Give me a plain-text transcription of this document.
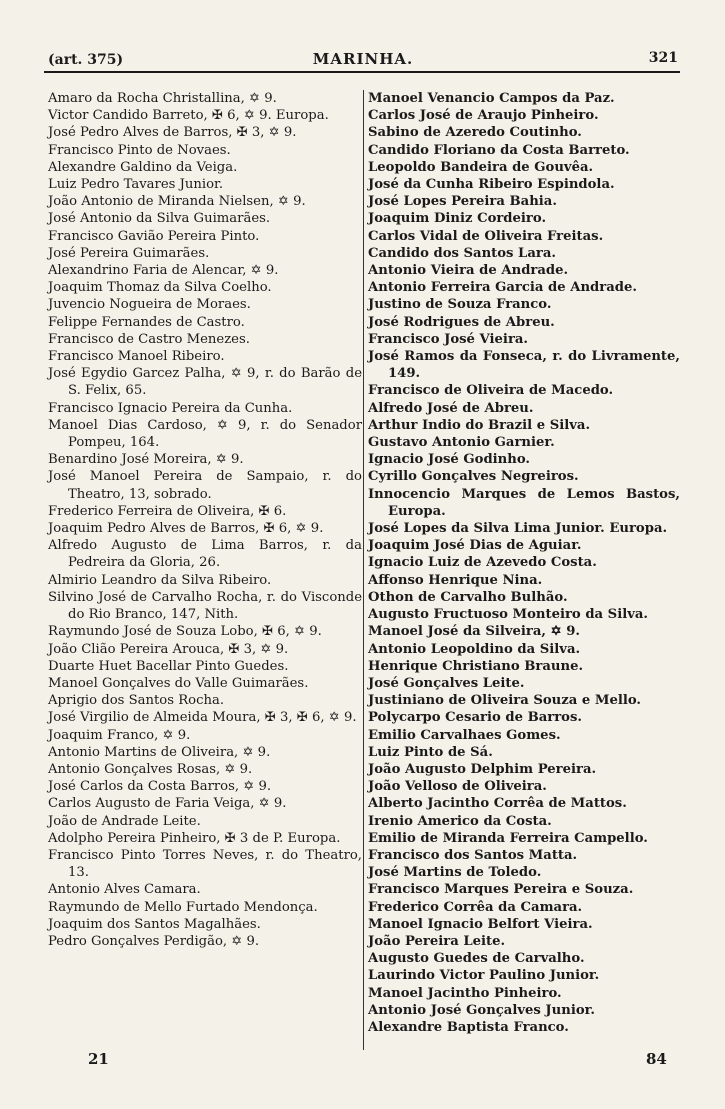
(art. 375)	MARINHA.	321
Amaro da Rocha Christallina, ✡ 9.
Victor Candido Barreto, ✠ 6, ✡ 9. Europa.
José Pedro Alves de Barros, ✠ 3, ✡ 9.
Francisco Pinto de Novaes.
Alexandre Galdino da Veiga.
Luiz Pedro Tavares Junior.
João Antonio de Miranda Nielsen, ✡ 9.
José Antonio da Silva Guimarães.
Francisco Gavião Pereira Pinto.
José Pereira Guimarães.
Alexandrino Faria de Alencar, ✡ 9.
Joaquim Thomaz da Silva Coelho.
Juvencio Nogueira de Moraes.
Felippe Fernandes de Castro.
Francisco de Castro Menezes.
Francisco Manoel Ribeiro.
José Egydio Garcez Palha, ✡ 9, r. do Barão de S. Felix, 65.
Francisco Ignacio Pereira da Cunha.
Manoel Dias Cardoso, ✡ 9, r. do Senador Pompeu, 164.
Benardino José Moreira, ✡ 9.
José Manoel Pereira de Sampaio, r. do Theatro, 13, sobrado.
Frederico Ferreira de Oliveira, ✠ 6.
Joaquim Pedro Alves de Barros, ✠ 6, ✡ 9.
Alfredo Augusto de Lima Barros, r. da Pedreira da Gloria, 26.
Almirio Leandro da Silva Ribeiro.
Silvino José de Carvalho Rocha, r. do Visconde do Rio Branco, 147, Nith.
Raymundo José de Souza Lobo, ✠ 6, ✡ 9.
João Clião Pereira Arouca, ✠ 3, ✡ 9.
Duarte Huet Bacellar Pinto Guedes.
Manoel Gonçalves do Valle Guimarães.
Aprigio dos Santos Rocha.
José Virgilio de Almeida Moura, ✠ 3, ✠ 6, ✡ 9.
Joaquim Franco, ✡ 9.
Antonio Martins de Oliveira, ✡ 9.
Antonio Gonçalves Rosas, ✡ 9.
José Carlos da Costa Barros, ✡ 9.
Carlos Augusto de Faria Veiga, ✡ 9.
João de Andrade Leite.
Adolpho Pereira Pinheiro, ✠ 3 de P. Europa.
Francisco Pinto Torres Neves, r. do Theatro, 13.
Antonio Alves Camara.
Raymundo de Mello Furtado Mendonça.
Joaquim dos Santos Magalhães.
Pedro Gonçalves Perdigão, ✡ 9.
Manoel Venancio Campos da Paz.
Carlos José de Araujo Pinheiro.
Sabino de Azeredo Coutinho.
Candido Floriano da Costa Barreto.
Leopoldo Bandeira de Gouvêa.
José da Cunha Ribeiro Espindola.
José Lopes Pereira Bahia.
Joaquim Diniz Cordeiro.
Carlos Vidal de Oliveira Freitas.
Candido dos Santos Lara.
Antonio Vieira de Andrade.
Antonio Ferreira Garcia de Andrade.
Justino de Souza Franco.
José Rodrigues de Abreu.
Francisco José Vieira.
José Ramos da Fonseca, r. do Livramente, 149.
Francisco de Oliveira de Macedo.
Alfredo José de Abreu.
Arthur Indio do Brazil e Silva.
Gustavo Antonio Garnier.
Ignacio José Godinho.
Cyrillo Gonçalves Negreiros.
Innocencio Marques de Lemos Bastos, Europa.
José Lopes da Silva Lima Junior. Europa.
Joaquim José Dias de Aguiar.
Ignacio Luiz de Azevedo Costa.
Affonso Henrique Nina.
Othon de Carvalho Bulhão.
Augusto Fructuoso Monteiro da Silva.
Manoel José da Silveira, ✡ 9.
Antonio Leopoldino da Silva.
Henrique Christiano Braune.
José Gonçalves Leite.
Justiniano de Oliveira Souza e Mello.
Polycarpo Cesario de Barros.
Emilio Carvalhaes Gomes.
Luiz Pinto de Sá.
João Augusto Delphim Pereira.
João Velloso de Oliveira.
Alberto Jacintho Corrêa de Mattos.
Irenio Americo da Costa.
Emilio de Miranda Ferreira Campello.
Francisco dos Santos Matta.
José Martins de Toledo.
Francisco Marques Pereira e Souza.
Frederico Corrêa da Camara.
Manoel Ignacio Belfort Vieira.
João Pereira Leite.
Augusto Guedes de Carvalho.
Laurindo Victor Paulino Junior.
Manoel Jacintho Pinheiro.
Antonio José Gonçalves Junior.
Alexandre Baptista Franco.
21	84
